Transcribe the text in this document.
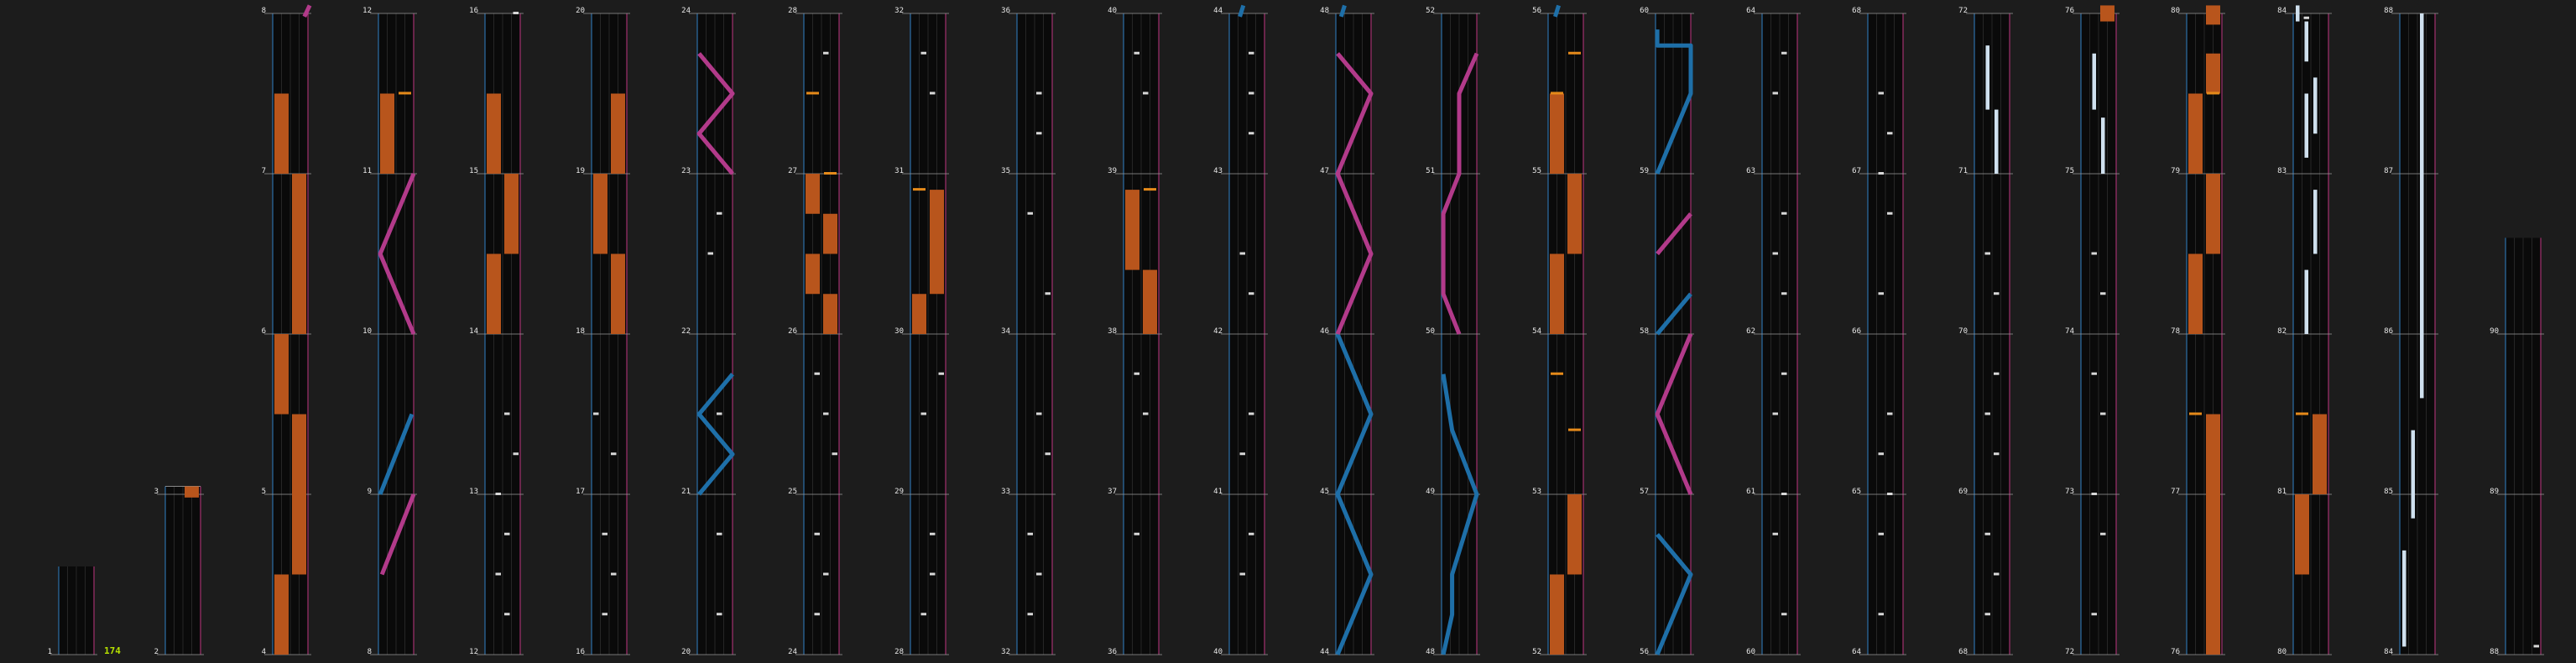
1	2
3
4
5
6
7
8
8
9
10
11
12
12
13
14
15
16
16
17
18
19
20
20
21
22
23
24
24
25
26
27
28
28
29
30
31
32
32
33
34
35
36
36
37
38
39
40
40
41
42
43
44
44
45
46
47
48
48
49
50
51
52
52
53
54
55
56
56
57
58
59
60
60
61
62
63
64
64
65
66
67
68
68
69
70
71
72
72
73
74
75
76
76
77
78
79
80
80
81
82
83
84
84
85
86
87
88
88
89
90
174
